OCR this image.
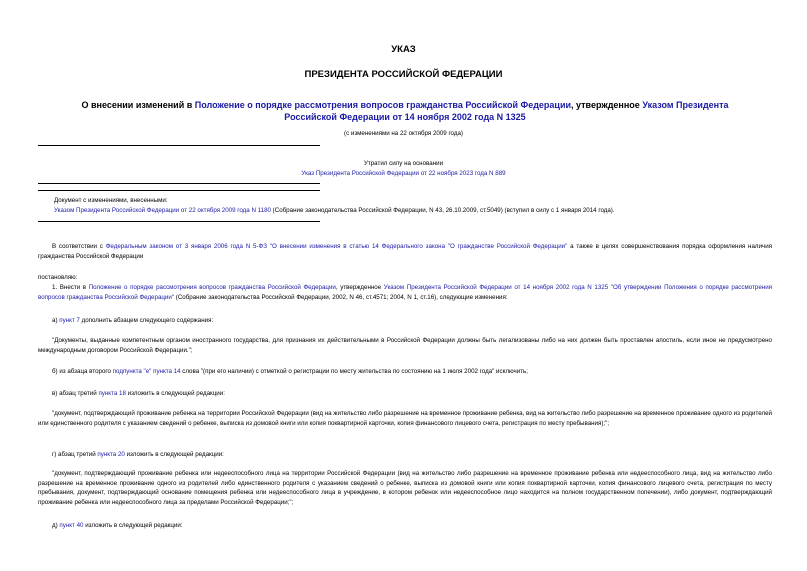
УКАЗ
ПРЕЗИДЕНТА РОССИЙСКОЙ ФЕДЕРАЦИИ
О внесении изменений в Положение о порядке рассмотрения вопросов гражданства Российской Федерации, утвержденное Указом Президента Российской Федерации от 14 ноября 2002 года N 1325
(с изменениями на 22 октября 2009 года)
Утратил силу на основании
Указ Президента Российской Федерации от 22 ноября 2023 года N 889
Документ с изменениями, внесенными:
Указом Президента Российской Федерации от 22 октября 2009 года N 1180 (Собрание законодательства Российской Федерации, N 43, 26.10.2009, ст.5049) (вступил в силу с 1 января 2014 года).
В соответствии с Федеральным законом от 3 января 2006 года N 5-ФЗ "О внесении изменения в статью 14 Федерального закона "О гражданстве Российской Федерации" а также в целях совершенствования порядка оформления наличия гражданства Российской Федерации
постановляю:
1. Внести в Положение о порядке рассмотрения вопросов гражданства Российской Федерации, утвержденное Указом Президента Российской Федерации от 14 ноября 2002 года N 1325 "Об утверждении Положения о порядке рассмотрения вопросов гражданства Российской Федерации" (Собрание законодательства Российской Федерации, 2002, N 46, ст.4571; 2004, N 1, ст.16), следующие изменения:
а) пункт 7 дополнить абзацем следующего содержания:
"Документы, выданные компетентным органом иностранного государства, для признания их действительными в Российской Федерации должны быть легализованы либо на них должен быть проставлен апостиль, если иное не предусмотрено международным договором Российской Федерации.";
б) из абзаца второго подпункта "е" пункта 14 слова "(при его наличии) с отметкой о регистрации по месту жительства по состоянию на 1 июля 2002 года" исключить;
в) абзац третий пункта 18 изложить в следующей редакции:
"документ, подтверждающий проживание ребенка на территории Российской Федерации (вид на жительство либо разрешение на временное проживание ребенка, вид на жительство либо разрешение на временное проживание одного из родителей или единственного родителя с указанием сведений о ребенке, выписка из домовой книги или копия поквартирной карточки, копия финансового лицевого счета, регистрация по месту пребывания);";
г) абзац третий пункта 20 изложить в следующей редакции:
"документ, подтверждающий проживание ребенка или недееспособного лица на территории Российской Федерации (вид на жительство либо разрешение на временное проживание ребенка или недееспособного лица, вид на жительство либо разрешение на временное проживание одного из родителей либо единственного родителя с указанием сведений о ребенке, выписка из домовой книги или копия поквартирной карточки, копия финансового лицевого счета, регистрация по месту пребывания, документ, подтверждающий основание помещения ребенка или недееспособного лица в учреждение, в котором ребенок или недееспособное лицо находится на полном государственном попечении), либо документ, подтверждающий проживание ребенка или недееспособного лица за пределами Российской Федерации;";
д) пункт 40 изложить в следующей редакции:
